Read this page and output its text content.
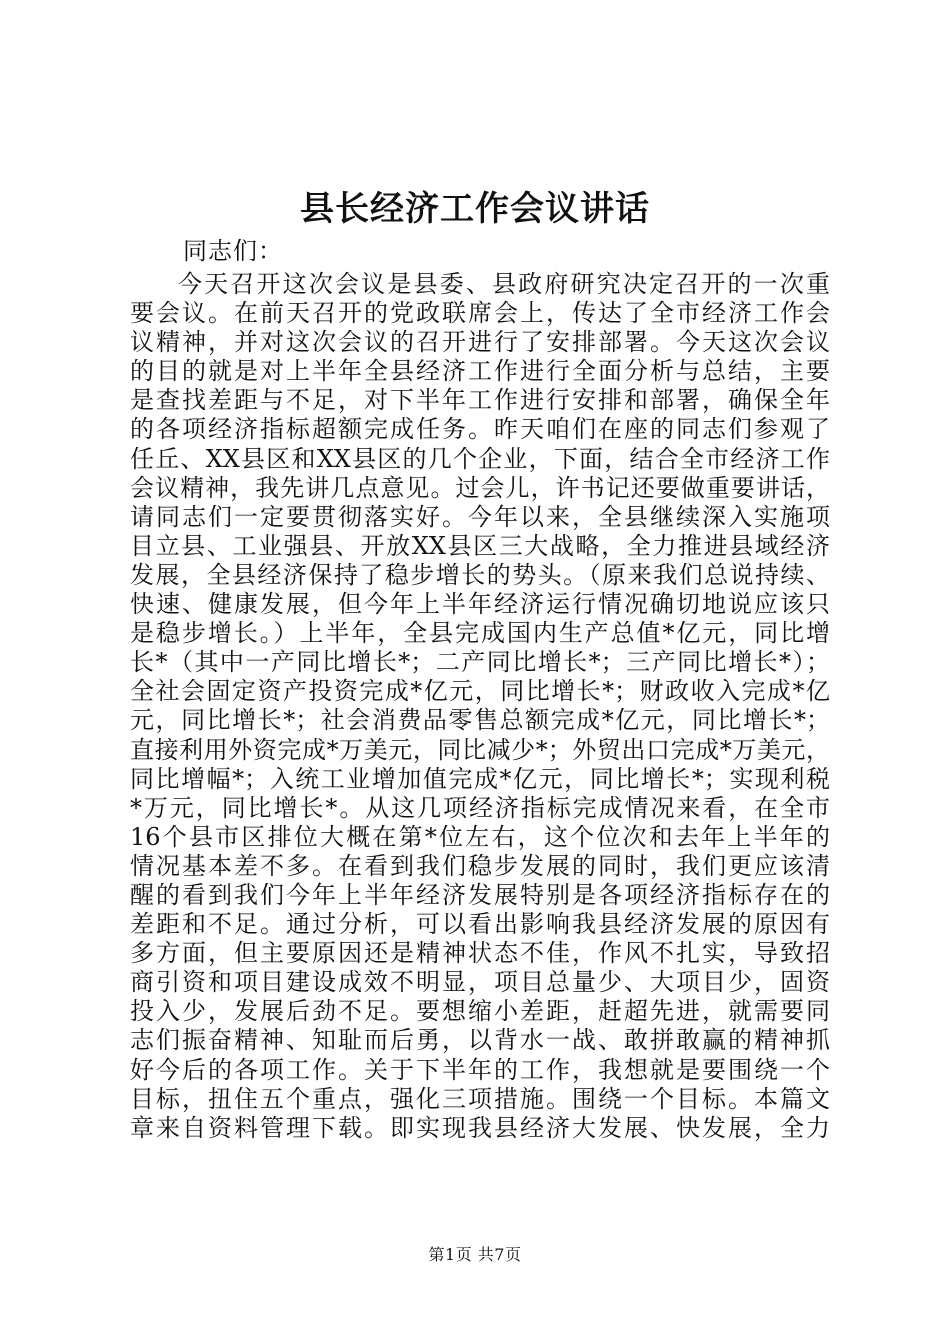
县长经济工作会议讲话
同志们：
今天召开这次会议是县委、县政府研究决定召开的一次重
要会议。在前天召开的党政联席会上，传达了全市经济工作会
议精神，并对这次会议的召开进行了安排部署。今天这次会议
的目的就是对上半年全县经济工作进行全面分析与总结，主要
是查找差距与不足，对下半年工作进行安排和部署，确保全年
的各项经济指标超额完成任务。昨天咱们在座的同志们参观了
任丘、XX县区和XX县区的几个企业，下面，结合全市经济工作
会议精神，我先讲几点意见。过会儿，许书记还要做重要讲话，
请同志们一定要贯彻落实好。今年以来，全县继续深入实施项
目立县、工业强县、开放XX县区三大战略，全力推进县域经济
发展，全县经济保持了稳步增长的势头。（原来我们总说持续、
快速、健康发展，但今年上半年经济运行情况确切地说应该只
是稳步增长。）上半年，全县完成国内生产总值*亿元，同比增
长*（其中一产同比增长*；二产同比增长*；三产同比增长*）；
全社会固定资产投资完成*亿元，同比增长*；财政收入完成*亿
元，同比增长*；社会消费品零售总额完成*亿元，同比增长*；
直接利用外资完成*万美元，同比减少*；外贸出口完成*万美元，
同比增幅*；入统工业增加值完成*亿元，同比增长*；实现利税
*万元，同比增长*。从这几项经济指标完成情况来看，在全市
16个县市区排位大概在第*位左右，这个位次和去年上半年的
情况基本差不多。在看到我们稳步发展的同时，我们更应该清
醒的看到我们今年上半年经济发展特别是各项经济指标存在的
差距和不足。通过分析，可以看出影响我县经济发展的原因有
多方面，但主要原因还是精神状态不佳，作风不扎实，导致招
商引资和项目建设成效不明显，项目总量少、大项目少，固资
投入少，发展后劲不足。要想缩小差距，赶超先进，就需要同
志们振奋精神、知耻而后勇，以背水一战、敢拼敢赢的精神抓
好今后的各项工作。关于下半年的工作，我想就是要围绕一个
目标，扭住五个重点，强化三项措施。围绕一个目标。本篇文
章来自资料管理下载。即实现我县经济大发展、快发展，全力
第1页 共7页
